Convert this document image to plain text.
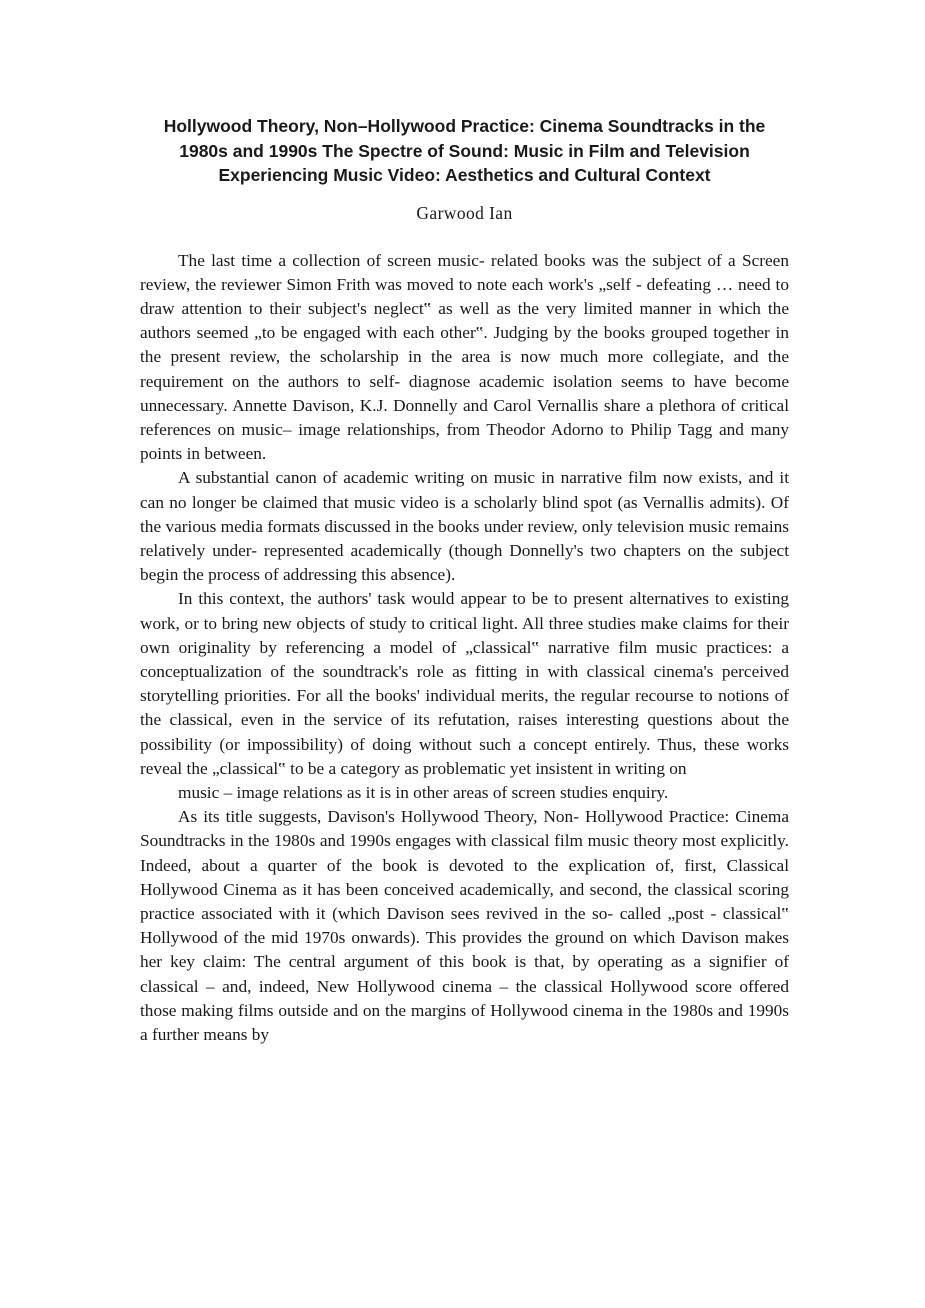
Hollywood Theory, Non–Hollywood Practice: Cinema Soundtracks in the
1980s and 1990s The Spectre of Sound: Music in Film and Television
Experiencing Music Video: Aesthetics and Cultural Context
Garwood Ian

The last time a collection of screen music- related books was the subject of a Screen review, the reviewer Simon Frith was moved to note each work's „self - defeating … need to draw attention to their subject's neglect‟ as well as the very limited manner in which the authors seemed „to be engaged with each other‟. Judging by the books grouped together in the present review, the scholarship in the area is now much more collegiate, and the requirement on the authors to self- diagnose academic isolation seems to have become unnecessary. Annette Davison, K.J. Donnelly and Carol Vernallis share a plethora of critical references on music– image relationships, from Theodor Adorno to Philip Tagg and many points in between.

A substantial canon of academic writing on music in narrative film now exists, and it can no longer be claimed that music video is a scholarly blind spot (as Vernallis admits). Of the various media formats discussed in the books under review, only television music remains relatively under- represented academically (though Donnelly's two chapters on the subject begin the process of addressing this absence).

In this context, the authors' task would appear to be to present alternatives to existing work, or to bring new objects of study to critical light. All three studies make claims for their own originality by referencing a model of „classical‟ narrative film music practices: a conceptualization of the soundtrack's role as fitting in with classical cinema's perceived storytelling priorities. For all the books' individual merits, the regular recourse to notions of the classical, even in the service of its refutation, raises interesting questions about the possibility (or impossibility) of doing without such a concept entirely. Thus, these works reveal the „classical‟ to be a category as problematic yet insistent in writing on

music – image relations as it is in other areas of screen studies enquiry.

As its title suggests, Davison's Hollywood Theory, Non- Hollywood Practice: Cinema Soundtracks in the 1980s and 1990s engages with classical film music theory most explicitly. Indeed, about a quarter of the book is devoted to the explication of, first, Classical Hollywood Cinema as it has been conceived academically, and second, the classical scoring practice associated with it (which Davison sees revived in the so- called „post - classical‟ Hollywood of the mid 1970s onwards). This provides the ground on which Davison makes her key claim: The central argument of this book is that, by operating as a signifier of classical – and, indeed, New Hollywood cinema – the classical Hollywood score offered those making films outside and on the margins of Hollywood cinema in the 1980s and 1990s a further means by
